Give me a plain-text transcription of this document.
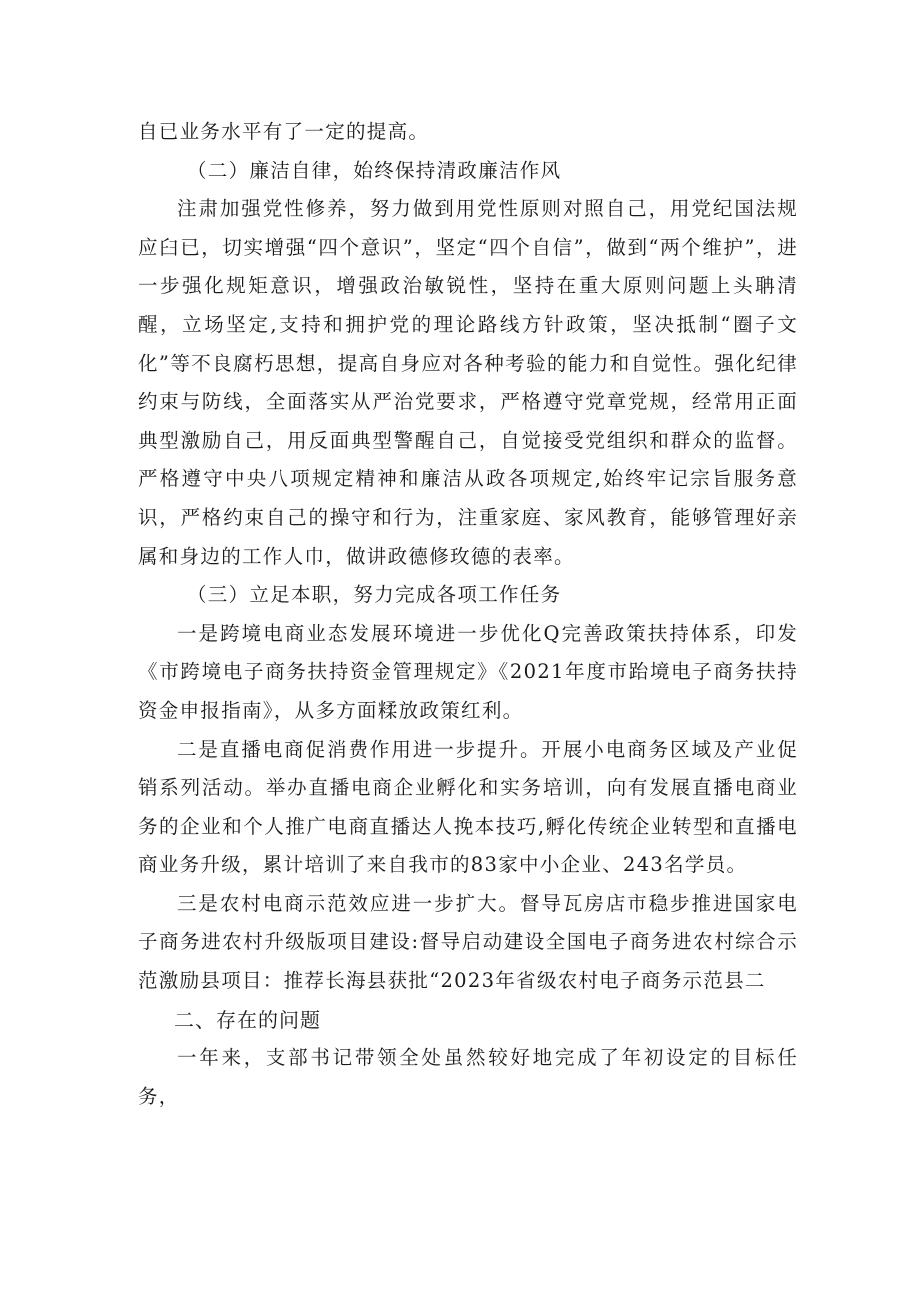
自已业务水平有了一定的提高。

（二）廉洁自律，始终保持清政廉洁作风

注肃加强党性修养，努力做到用党性原则对照自己，用党纪国法规应臼已，切实增强“四个意识”，坚定“四个自信”，做到“两个维护”，进一步强化规矩意识，增强政治敏锐性，坚持在重大原则问题上头聃清醒，立场坚定,支持和拥护党的理论路线方针政策，坚决抵制“圈子文化”等不良腐朽思想，提高自身应对各种考验的能力和自觉性。强化纪律约束与防线，全面落实从严治党要求，严格遵守党章党规，经常用正面典型激励自己，用反面典型警醒自己，自觉接受党组织和群众的监督。严格遵守中央八项规定精神和廉洁从政各项规定,始终牢记宗旨服务意识，严格约束自己的操守和行为，注重家庭、家风教育，能够管理好亲属和身边的工作人巾，做讲政德修玫德的表率。

（三）立足本职，努力完成各项工作任务

一是跨境电商业态发展环境进一步优化Q完善政策扶持体系，印发《市跨境电子商务扶持资金管理规定》《2021年度市跆境电子商务扶持资金申报指南》，从多方面糅放政策红利。

二是直播电商促消费作用进一步提升。开展小电商务区域及产业促销系列活动。举办直播电商企业孵化和实务培训，向有发展直播电商业务的企业和个人推广电商直播达人挽本技巧,孵化传统企业转型和直播电商业务升级，累计培训了来自我市的83家中小企业、243名学员。

三是农村电商示范效应进一步扩大。督导瓦房店市稳步推进国家电子商务进农村升级版项目建设:督导启动建设全国电子商务进农村综合示范激励县项目：推荐长海县获批“2023年省级农村电子商务示范县二

二、存在的问题

一年来，支部书记带领全处虽然较好地完成了年初设定的目标任务，
